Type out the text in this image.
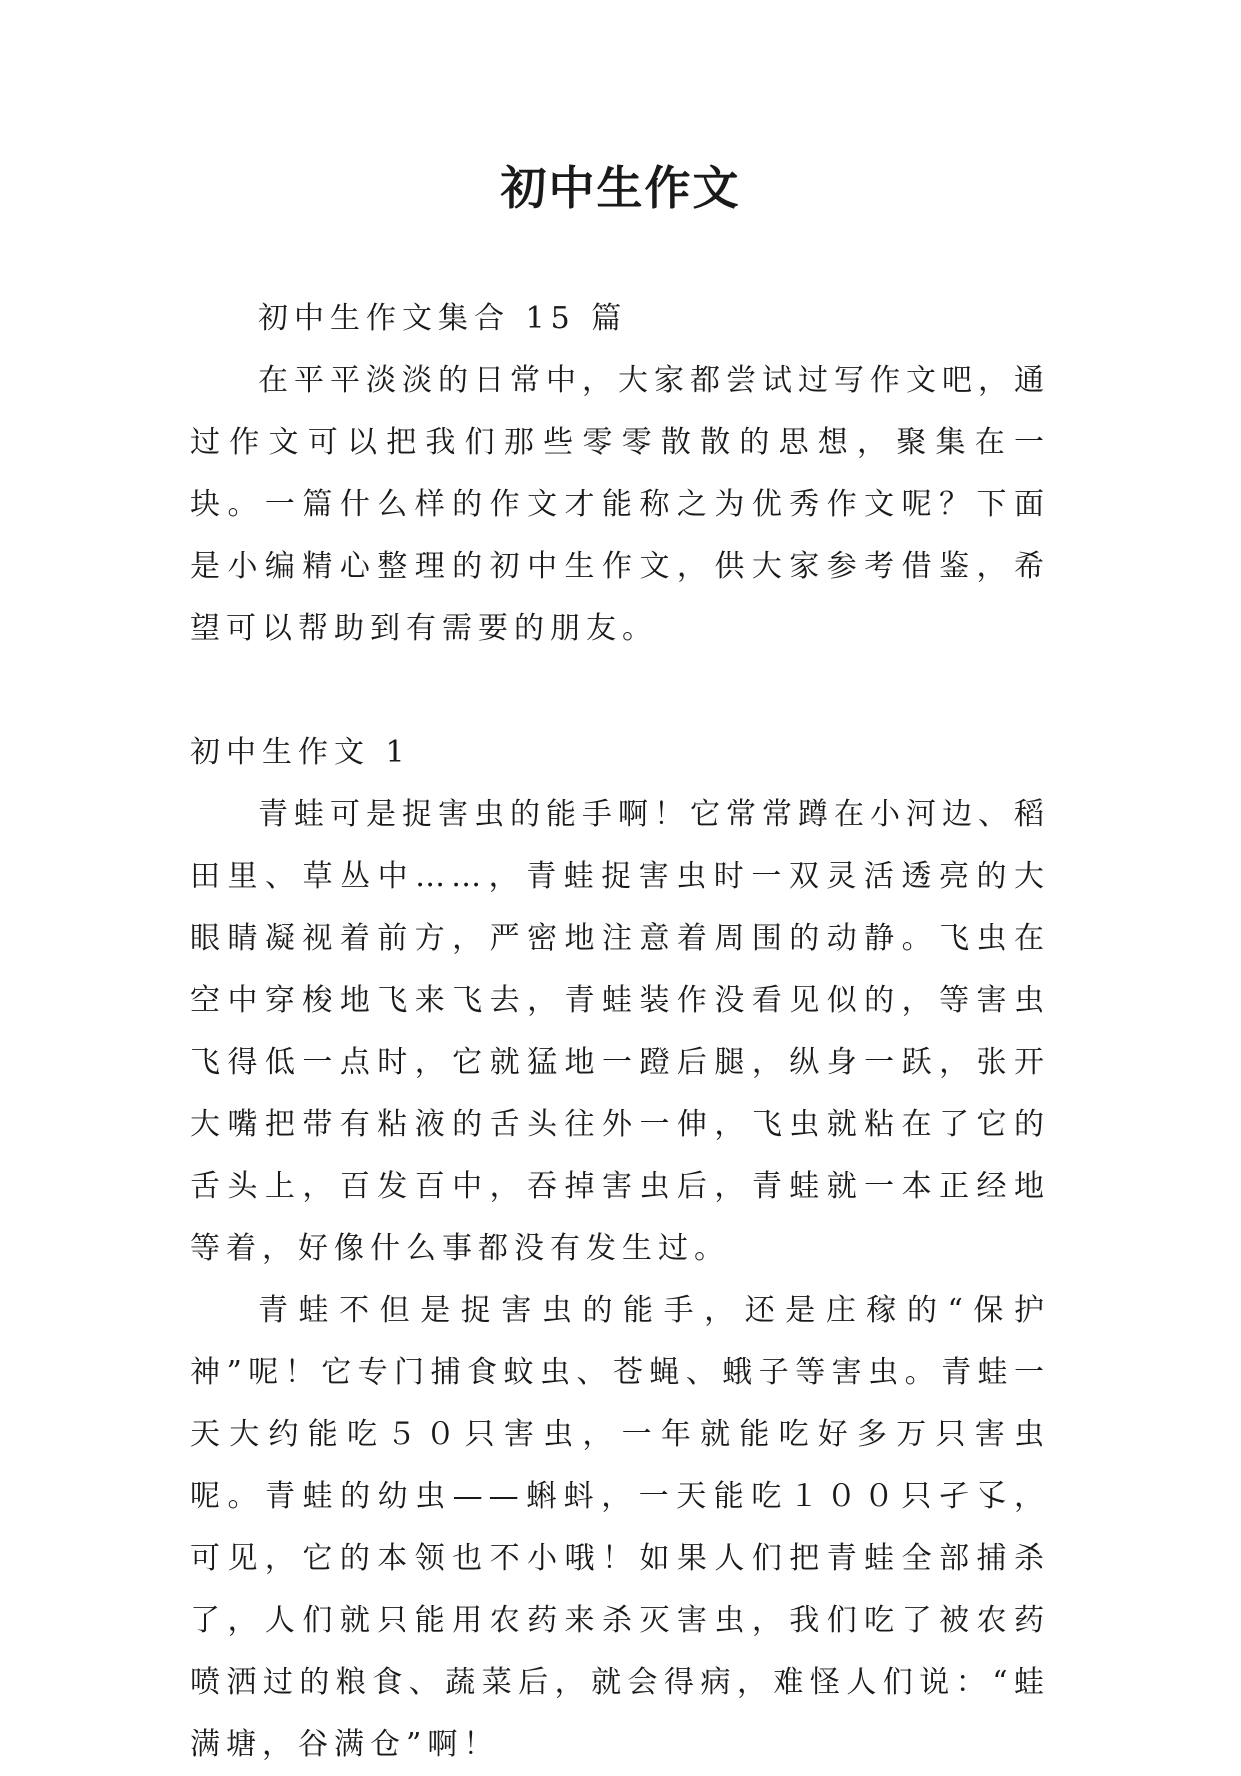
初中生作文

初中生作文集合 15 篇

在平平淡淡的日常中，大家都尝试过写作文吧，通过作文可以把我们那些零零散散的思想，聚集在一块。一篇什么样的作文才能称之为优秀作文呢？下面是小编精心整理的初中生作文，供大家参考借鉴，希望可以帮助到有需要的朋友。

初中生作文 1

青蛙可是捉害虫的能手啊！它常常蹲在小河边、稻田里、草丛中……，青蛙捉害虫时一双灵活透亮的大眼睛凝视着前方，严密地注意着周围的动静。飞虫在空中穿梭地飞来飞去，青蛙装作没看见似的，等害虫飞得低一点时，它就猛地一蹬后腿，纵身一跃，张开大嘴把带有粘液的舌头往外一伸，飞虫就粘在了它的舌头上，百发百中，吞掉害虫后，青蛙就一本正经地等着，好像什么事都没有发生过。

青蛙不但是捉害虫的能手，还是庄稼的“保护神”呢！它专门捕食蚊虫、苍蝇、蛾子等害虫。青蛙一天大约能吃５０只害虫，一年就能吃好多万只害虫呢。青蛙的幼虫——蝌蚪，一天能吃１００只孑孓，可见，它的本领也不小哦！如果人们把青蛙全部捕杀了，人们就只能用农药来杀灭害虫，我们吃了被农药喷洒过的粮食、蔬菜后，就会得病，难怪人们说：“蛙满塘，谷满仓”啊！
